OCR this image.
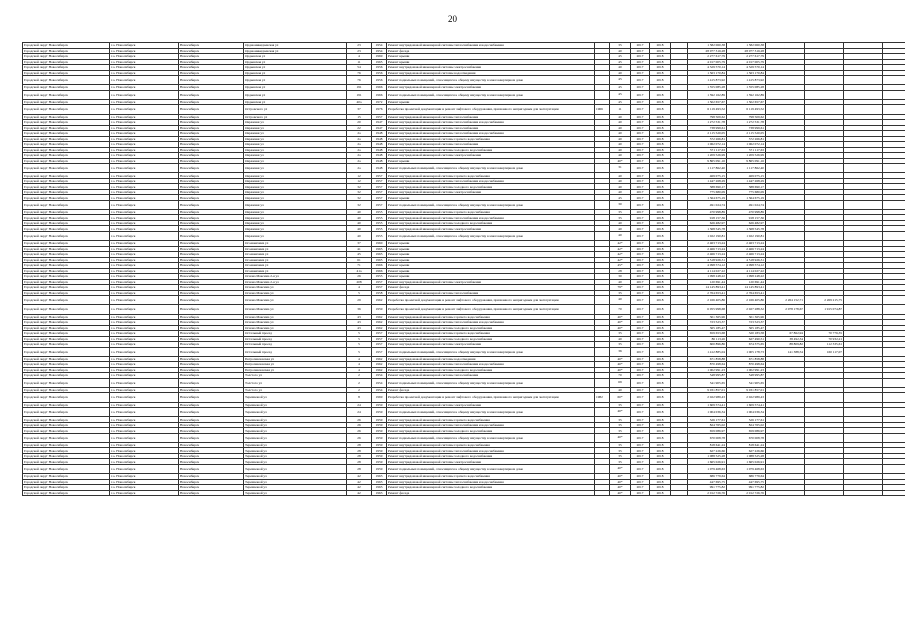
20
Городской округ Новосибирск	г.о. Новосибирск	Новосибирск	Орджоникидзевская ул	23	1954	Ремонт внутридомовой инженерной системы теплоснабжения и водоснабжения		35	2017	2018		1 582 060,38	1 582 060,38				
Городской округ Новосибирск	г.о. Новосибирск	Новосибирск	Орджоникидзевская ул	23	1954	Ремонт фасада		40	2017	2018		28 077 316,28	28 077 316,28				
Городской округ Новосибирск	г.о. Новосибирск	Новосибирск	Ордынская ул	4	1969	Ремонт крыши		45	2017	2018		2 277 617,79	2 277 617,79				
Городской округ Новосибирск	г.о. Новосибирск	Новосибирск	Ордынская ул	11	1965	Ремонт крыши		45	2017	2018		4 017 005,79	4 017 005,79				
Городской округ Новосибирск	г.о. Новосибирск	Новосибирск	Ордынская ул	54	1956	Ремонт внутридомовой инженерной системы электроснабжения		40	2017	2018		4 329 570,14	4 329 570,14				
Городской округ Новосибирск	г.о. Новосибирск	Новосибирск	Ордынская ул	76	1956	Ремонт внутридомовой инженерной системы водоотведения		40	2017	2018		1 563 170,84	1 563 170,84				
Городской округ Новосибирск	г.о. Новосибирск	Новосибирск	Ордынская ул	76	1956	Ремонт подвальных помещений, относящихся к общему имуществу в многоквартирном доме		45	2017	2018		1 415 873,92	1 415 873,92				
Городской округ Новосибирск	г.о. Новосибирск	Новосибирск	Ордынская ул	191	1966	Ремонт внутридомовой инженерной системы электроснабжения		45	2017	2018		1 555 085,28	1 555 085,28				
Городской округ Новосибирск	г.о. Новосибирск	Новосибирск	Ордынская ул	191	1966	Ремонт подвальных помещений, относящихся к общему имуществу в многоквартирном доме		45	2017	2018		1 592 162,89	1 592 162,89				
Городской округ Новосибирск	г.о. Новосибирск	Новосибирск	Ордынская ул	40а	1972	Ремонт крыши		45	2017	2018		1 502 657,67	1 502 657,67				
Городской округ Новосибирск	г.о. Новосибирск	Новосибирск	Островского ул	37	1976	Разработка проектной документации и ремонт лифтового оборудования, признанного непригодным для эксплуатации	1966	11	2017	2018		6 119 493,52	6 119 493,52				
Городской округ Новосибирск	г.о. Новосибирск	Новосибирск	Островского ул	15	1957	Ремонт внутридомовой инженерной системы теплоснабжения		40	2017	2018		798 509,62	798 509,62				
Городской округ Новосибирск	г.о. Новосибирск	Новосибирск	Овражная ул	20	1947	Ремонт внутридомовой инженерной системы теплоснабжения и водоснабжения		40	2017	2018		1 272 531,78	1 272 531,78				
Городской округ Новосибирск	г.о. Новосибирск	Новосибирск	Овражная ул	22	1947	Ремонт внутридомовой инженерной системы теплоснабжения		40	2017	2018		738 999,61	738 999,61				
Городской округ Новосибирск	г.о. Новосибирск	Новосибирск	Овражная ул	2а	1948	Ремонт внутридомовой инженерной системы теплоснабжения и водоснабжения		40	2017	2018		2 115 520,05	2 115 520,05				
Городской округ Новосибирск	г.о. Новосибирск	Новосибирск	Овражная ул	2а	1948	Ремонт внутридомовой инженерной системы горячего водоснабжения		40	2017	2018		572 266,81	572 266,81				
Городской округ Новосибирск	г.о. Новосибирск	Новосибирск	Овражная ул	2а	1948	Ремонт внутридомовой инженерной системы теплоснабжения		40	2017	2018		1 062 072,14	1 062 072,14				
Городской округ Новосибирск	г.о. Новосибирск	Новосибирск	Овражная ул	2а	1948	Ремонт внутридомовой инженерной системы холодного водоснабжения		40	2017	2018		571 117,63	571 117,63				
Городской округ Новосибирск	г.о. Новосибирск	Новосибирск	Овражная ул	2а	1948	Ремонт внутридомовой инженерной системы электроснабжения		40	2017	2018		1 209 526,99	1 209 526,99				
Городской округ Новосибирск	г.о. Новосибирск	Новосибирск	Овражная ул	2а	1948	Ремонт крыши		40*	2017	2018		9 865 091,16	9 865 091,16				
Городской округ Новосибирск	г.о. Новосибирск	Новосибирск	Овражная ул	2а	1948	Ремонт подвальных помещений, относящихся к общему имуществу в многоквартирном доме		31	2017	2018		1 117 862,40	1 117 862,40				
Городской округ Новосибирск	г.о. Новосибирск	Новосибирск	Овражная ул	12	1957	Ремонт внутридомовой инженерной системы горячего водоснабжения		40	2017	2018		469 075,15	469 075,15				
Городской округ Новосибирск	г.о. Новосибирск	Новосибирск	Овражная ул	12	1957	Ремонт внутридомовой инженерной системы теплоснабжения и водоснабжения		40	2017	2018		1 447 268,29	1 447 268,29				
Городской округ Новосибирск	г.о. Новосибирск	Новосибирск	Овражная ул	32	1957	Ремонт внутридомовой инженерной системы холодного водоснабжения		40	2017	2018		588 690,17	588 690,17				
Городской округ Новосибирск	г.о. Новосибирск	Новосибирск	Овражная ул	32	1957	Ремонт внутридомовой инженерной системы электроснабжения		40	2017	2018		775 680,09	775 680,09				
Городской округ Новосибирск	г.о. Новосибирск	Новосибирск	Овражная ул	32	1957	Ремонт крыши		45	2017	2018		1 364 675,19	1 364 675,19				
Городской округ Новосибирск	г.о. Новосибирск	Новосибирск	Овражная ул	32	1957	Ремонт подвальных помещений, относящихся к общему имуществу в многоквартирном доме		30	2017	2018		491 024,74	491 024,74				
Городской округ Новосибирск	г.о. Новосибирск	Новосибирск	Овражная ул	40	1955	Ремонт внутридомовой инженерной системы горячего водоснабжения		35	2017	2018		470 998,89	470 998,89				
Городской округ Новосибирск	г.о. Новосибирск	Новосибирск	Овражная ул	40	1955	Ремонт внутридомовой инженерной системы теплоснабжения и водоснабжения		35	2017	2018		918 157,36	918 157,36				
Городской округ Новосибирск	г.о. Новосибирск	Новосибирск	Овражная ул	40	1955	Ремонт внутридомовой инженерной системы холодного водоснабжения		40	2017	2018		626 482,97	626 482,97				
Городской округ Новосибирск	г.о. Новосибирск	Новосибирск	Овражная ул	40	1955	Ремонт внутридомовой инженерной системы электроснабжения		40	2017	2018		1 368 545,78	1 368 545,78				
Городской округ Новосибирск	г.о. Новосибирск	Новосибирск	Овражная ул	40	1955	Ремонт подвальных помещений, относящихся к общему имуществу в многоквартирном доме		40	2017	2018		1 022 190,81	1 022 190,81				
Городской округ Новосибирск	г.о. Новосибирск	Новосибирск	Осоавиахима ул	37	1960	Ремонт крыши		42*	2017	2018		2 463 713,24	2 463 713,24				
Городской округ Новосибирск	г.о. Новосибирск	Новосибирск	Осоавиахима ул	41	1965	Ремонт крыши		42*	2017	2018		2 466 713,24	2 466 713,24				
Городской округ Новосибирск	г.о. Новосибирск	Новосибирск	Осоавиахима ул	45	1965	Ремонт крыши		42*	2017	2018		2 466 713,24	2 466 713,24				
Городской округ Новосибирск	г.о. Новосибирск	Новосибирск	Осоавиахима ул	61	1965	Ремонт крыши		42*	2017	2018		4 518 926,31	4 518 926,31				
Городской округ Новосибирск	г.о. Новосибирск	Новосибирск	Осоавиахима ул	71	1966	Ремонт крыши		45*	2017	2018		4 098 574,12	4 098 574,12				
Городской округ Новосибирск	г.о. Новосибирск	Новосибирск	Осоавиахима ул	41а	1966	Ремонт крыши		28	2017	2018		4 114 027,22	4 114 027,22				
Городской округ Новосибирск	г.о. Новосибирск	Новосибирск	Основа Максима 2-я ул	26	1955	Ремонт крыши		30	2017	2018		1 098 248,22	1 098 248,22				
Городской округ Новосибирск	г.о. Новосибирск	Новосибирск	Основа Максима 2-я ул	208	1957	Ремонт внутридомовой инженерной системы электроснабжения		40	2017	2018		120 691,44	120 691,44				
Городской округ Новосибирск	г.о. Новосибирск	Новосибирск	Основа Максима ул	4	1957	Ремонт фасада		79*	2017	2018		14 145 893,41	14 145 893,41				
Городской округ Новосибирск	г.о. Новосибирск	Новосибирск	Основа Максима ул	5	1958	Ремонт внутридомовой инженерной системы теплоснабжения		35	2017	2018		2 764 653,41	2 764 653,41				
Городской округ Новосибирск	г.о. Новосибирск	Новосибирск	Основа Максима ул	29	1962	Разработка проектной документации и ремонт лифтового оборудования, признанного непригодным для эксплуатации		40	2017	2018		2 166 405,86	2 166 405,86	2 264 152,71	2 269 215,75		
Городской округ Новосибирск	г.о. Новосибирск	Новосибирск	Основа Максима ул	36	1959	Разработка проектной документации и ремонт лифтового оборудования, признанного непригодным для эксплуатации		70	2017	2018		6 055 998,68	2 027 288,32	2 078 178,67	1 915 074,87		
Городской округ Новосибирск	г.о. Новосибирск	Новосибирск	Основа Максима ул	43	1962	Ремонт внутридомовой инженерной системы горячего водоснабжения		40*	2017	2018		301 365,96	301 365,96				
Городской округ Новосибирск	г.о. Новосибирск	Новосибирск	Основа Максима ул	43	1962	Ремонт внутридомовой инженерной системы теплоснабжения и водоснабжения		40*	2017	2018		723 523,37	723 523,37				
Городской округ Новосибирск	г.о. Новосибирск	Новосибирск	Основа Максима ул	43	1962	Ремонт внутридомовой инженерной системы холодного водоснабжения		40*	2017	2018		365 185,47	365 185,47				
Городской округ Новосибирск	г.о. Новосибирск	Новосибирск	Остальный проезд	5	1957	Ремонт внутридомовой инженерной системы горячего водоснабжения		35	2017	2018		659 653,68	320 183,58	67 862,94	70 776,35		
Городской округ Новосибирск	г.о. Новосибирск	Новосибирск	Остальный проезд	5	1957	Ремонт внутридомовой инженерной системы холодного водоснабжения		40	2017	2018		86 113,26	627 490,51	38 492,34	70 932,21		
Городской округ Новосибирск	г.о. Новосибирск	Новосибирск	Остальный проезд	5	1957	Ремонт внутридомовой инженерной системы электроснабжения		35	2017	2018		600 896,86	674 375,65	88 809,82	112 335,61		
Городской округ Новосибирск	г.о. Новосибирск	Новосибирск	Остальный проезд	5	1957	Ремонт подвальных помещений, относящихся к общему имуществу в многоквартирном доме		36	2017	2018		1 412 885,04	1 005 178,73	141 388,54	160 117,07		
Городской округ Новосибирск	г.о. Новосибирск	Новосибирск	Петропавловская ул	4	1962	Ремонт внутридомовой инженерной системы водоотведения		40*	2017	2018		671 858,88	671 858,88				
Городской округ Новосибирск	г.о. Новосибирск	Новосибирск	Петропавловская ул	4	1962	Ремонт внутридомовой инженерной системы теплоснабжения и водоснабжения		40*	2017	2018		870 498,64	870 498,64				
Городской округ Новосибирск	г.о. Новосибирск	Новосибирск	Петропавловская ул	4	1962	Ремонт внутридомовой инженерной системы холодного водоснабжения		40*	2017	2018		1 002 991,23	1 002 991,23				
Городской округ Новосибирск	г.о. Новосибирск	Новосибирск	Толстого ул	2	1954	Ремонт внутридомовой инженерной системы теплоснабжения		70	2017	2018		548 995,87	548 995,87				
Городской округ Новосибирск	г.о. Новосибирск	Новосибирск	Толстого ул	2	1954	Ремонт подвальных помещений, относящихся к общему имуществу в многоквартирном доме		69	2017	2018		541 905,65	541 905,65				
Городской округ Новосибирск	г.о. Новосибирск	Новосибирск	Толстого ул	2	1954	Ремонт фасада		40	2017	2018		9 031 857,01	9 031 857,01				
Городской округ Новосибирск	г.о. Новосибирск	Новосибирск	Терешковой ул	8	1969	Разработка проектной документации и ремонт лифтового оборудования, признанного непригодным для эксплуатации	1982	60*	2017	2018		2 022 989,43	2 022 989,43				
Городской округ Новосибирск	г.о. Новосибирск	Новосибирск	Терешковой ул	24	1959	Ремонт внутридомовой инженерной системы электроснабжения		35	2017	2018		1 609 574,41	1 609 574,41				
Городской округ Новосибирск	г.о. Новосибирск	Новосибирск	Терешковой ул	24	1959	Ремонт подвальных помещений, относящихся к общему имуществу в многоквартирном доме		40*	2017	2018		1 004 036,34	1 004 036,34				
Городской округ Новосибирск	г.о. Новосибирск	Новосибирск	Терешковой ул	26	1959	Ремонт внутридомовой инженерной системы горячего водоснабжения		35	2017	2018		526 177,61	526 177,61				
Городской округ Новосибирск	г.о. Новосибирск	Новосибирск	Терешковой ул	26	1959	Ремонт внутридомовой инженерной системы теплоснабжения и водоснабжения		35	2017	2018		824 765,02	824 765,02				
Городской округ Новосибирск	г.о. Новосибирск	Новосибирск	Терешковой ул	26	1959	Ремонт внутридомовой инженерной системы холодного водоснабжения		35	2017	2018		659 086,97	659 086,97				
Городской округ Новосибирск	г.о. Новосибирск	Новосибирск	Терешковой ул	26	1959	Ремонт подвальных помещений, относящихся к общему имуществу в многоквартирном доме		40*	2017	2018		670 008,78	670 008,78				
Городской округ Новосибирск	г.о. Новосибирск	Новосибирск	Терешковой ул	28	1959	Ремонт внутридомовой инженерной системы горячего водоснабжения		35	2017	2018		818 641,24	818 641,24				
Городской округ Новосибирск	г.о. Новосибирск	Новосибирск	Терешковой ул	28	1959	Ремонт внутридомовой инженерной системы теплоснабжения и водоснабжения		35	2017	2018		627 226,66	627 226,66				
Городской округ Новосибирск	г.о. Новосибирск	Новосибирск	Терешковой ул	28	1959	Ремонт внутридомовой инженерной системы холодного водоснабжения		35	2017	2018		1 088 525,28	1 088 525,28				
Городской округ Новосибирск	г.о. Новосибирск	Новосибирск	Терешковой ул	28	1959	Ремонт внутридомовой инженерной системы электроснабжения		35	2017	2018		1 665 026,91	1 665 026,91				
Городской округ Новосибирск	г.о. Новосибирск	Новосибирск	Терешковой ул	28	1959	Ремонт подвальных помещений, относящихся к общему имуществу в многоквартирном доме		40*	2017	2018		1 079 468,63	1 079 468,63				
Городской округ Новосибирск	г.о. Новосибирск	Новосибирск	Терешковой ул	42	1963	Ремонт внутридомовой инженерной системы горячего водоснабжения		40*	2017	2018		686 779,64	686 779,64				
Городской округ Новосибирск	г.о. Новосибирск	Новосибирск	Терешковой ул	42	1963	Ремонт внутридомовой инженерной системы теплоснабжения и водоснабжения		40*	2017	2018		447 695,75	447 695,75				
Городской округ Новосибирск	г.о. Новосибирск	Новосибирск	Терешковой ул	42	1963	Ремонт внутридомовой инженерной системы холодного водоснабжения		40*	2017	2018		991 775,82	991 775,82				
Городской округ Новосибирск	г.о. Новосибирск	Новосибирск	Терешковой ул	42	1963	Ремонт фасада		40*	2017	2018		2 012 726,76	2 012 726,76				
